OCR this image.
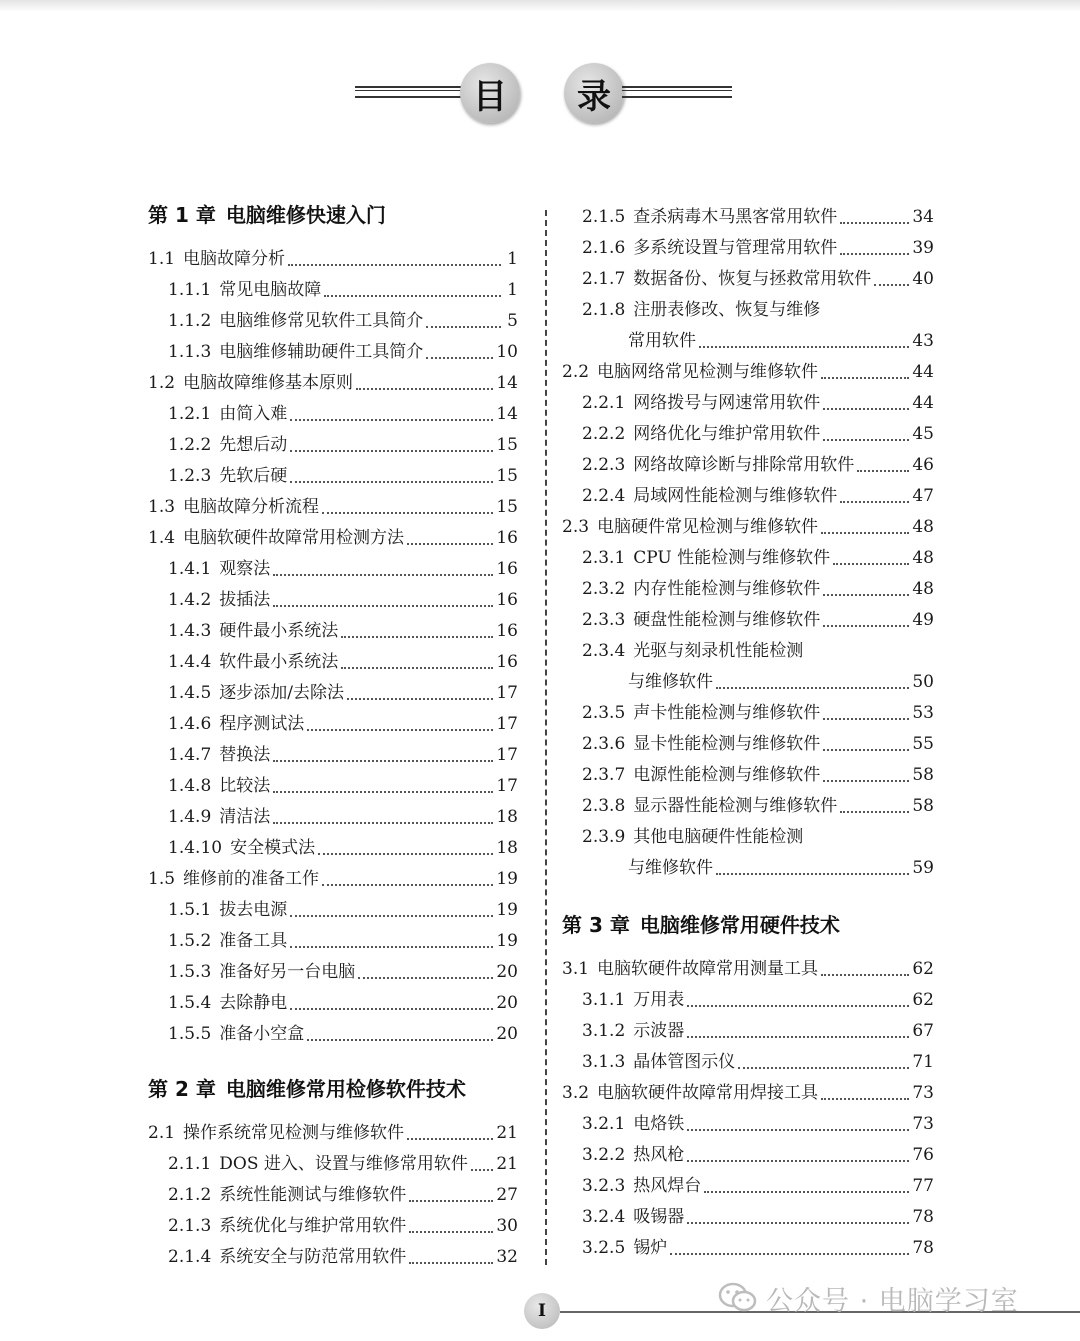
目	录
第 1 章 电脑维修快速入门
1.1 电脑故障分析	1
1.1.1 常见电脑故障	1
1.1.2 电脑维修常见软件工具简介	5
1.1.3 电脑维修辅助硬件工具简介	10
1.2 电脑故障维修基本原则	14
1.2.1 由简入难	14
1.2.2 先想后动	15
1.2.3 先软后硬	15
1.3 电脑故障分析流程	15
1.4 电脑软硬件故障常用检测方法	16
1.4.1 观察法	16
1.4.2 拔插法	16
1.4.3 硬件最小系统法	16
1.4.4 软件最小系统法	16
1.4.5 逐步添加/去除法	17
1.4.6 程序测试法	17
1.4.7 替换法	17
1.4.8 比较法	17
1.4.9 清洁法	18
1.4.10 安全模式法	18
1.5 维修前的准备工作	19
1.5.1 拔去电源	19
1.5.2 准备工具	19
1.5.3 准备好另一台电脑	20
1.5.4 去除静电	20
1.5.5 准备小空盒	20
第 2 章 电脑维修常用检修软件技术
2.1 操作系统常见检测与维修软件	21
2.1.1 DOS 进入、设置与维修常用软件 21
2.1.2 系统性能测试与维修软件	27
2.1.3 系统优化与维护常用软件	30
2.1.4 系统安全与防范常用软件	32
2.1.5 查杀病毒木马黑客常用软件	34
2.1.6 多系统设置与管理常用软件	39
2.1.7 数据备份、恢复与拯救常用软件 40
2.1.8 注册表修改、恢复与维修
常用软件	43
2.2 电脑网络常见检测与维修软件	44
2.2.1 网络拨号与网速常用软件	44
2.2.2 网络优化与维护常用软件	45
2.2.3 网络故障诊断与排除常用软件	46
2.2.4 局域网性能检测与维修软件	47
2.3 电脑硬件常见检测与维修软件	48
2.3.1 CPU 性能检测与维修软件	48
2.3.2 内存性能检测与维修软件	48
2.3.3 硬盘性能检测与维修软件	49
2.3.4 光驱与刻录机性能检测
与维修软件	50
2.3.5 声卡性能检测与维修软件	53
2.3.6 显卡性能检测与维修软件	55
2.3.7 电源性能检测与维修软件	58
2.3.8 显示器性能检测与维修软件	58
2.3.9 其他电脑硬件性能检测
与维修软件	59
第 3 章 电脑维修常用硬件技术
3.1 电脑软硬件故障常用测量工具	62
3.1.1 万用表	62
3.1.2 示波器	67
3.1.3 晶体管图示仪	71
3.2 电脑软硬件故障常用焊接工具	73
3.2.1 电烙铁	73
3.2.2 热风枪	76
3.2.3 热风焊台	77
3.2.4 吸锡器	78
3.2.5 锡炉	78
I	公众号 · 电脑学习室
